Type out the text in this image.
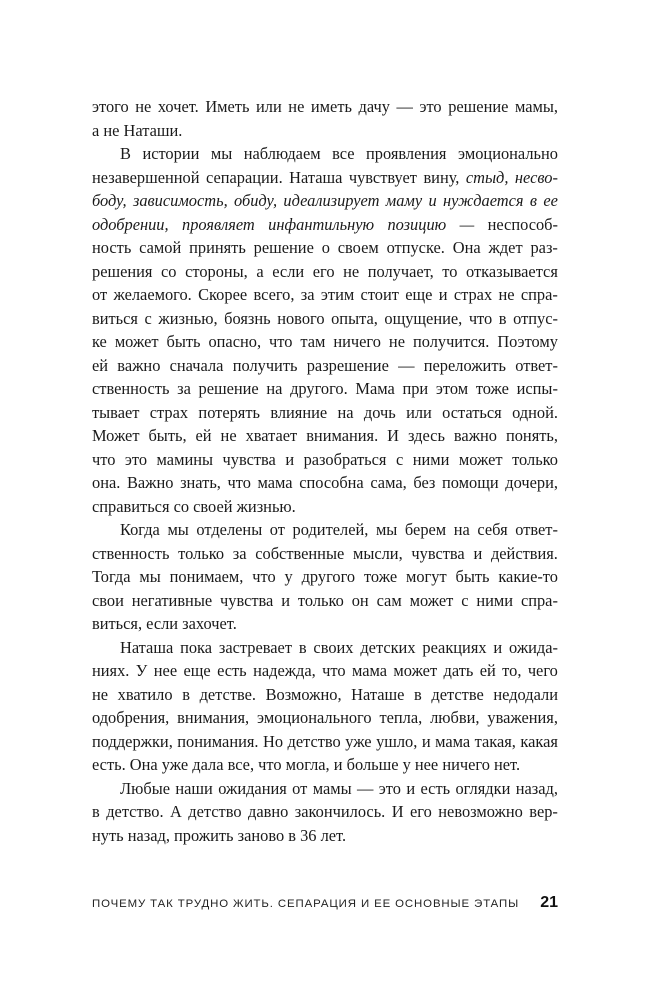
этого не хочет. Иметь или не иметь дачу — это решение мамы,
а не Наташи.
В истории мы наблюдаем все проявления эмоционально
незавершенной сепарации. Наташа чувствует вину, стыд, несво-
боду, зависимость, обиду, идеализирует маму и нуждается в ее
одобрении, проявляет инфантильную позицию — неспособ-
ность самой принять решение о своем отпуске. Она ждет раз-
решения со стороны, а если его не получает, то отказывается
от желаемого. Скорее всего, за этим стоит еще и страх не спра-
виться с жизнью, боязнь нового опыта, ощущение, что в отпус-
ке может быть опасно, что там ничего не получится. Поэтому
ей важно сначала получить разрешение — переложить ответ-
ственность за решение на другого. Мама при этом тоже испы-
тывает страх потерять влияние на дочь или остаться одной.
Может быть, ей не хватает внимания. И здесь важно понять,
что это мамины чувства и разобраться с ними может только
она. Важно знать, что мама способна сама, без помощи дочери,
справиться со своей жизнью.
Когда мы отделены от родителей, мы берем на себя ответ-
ственность только за собственные мысли, чувства и действия.
Тогда мы понимаем, что у другого тоже могут быть какие-то
свои негативные чувства и только он сам может с ними спра-
виться, если захочет.
Наташа пока застревает в своих детских реакциях и ожида-
ниях. У нее еще есть надежда, что мама может дать ей то, чего
не хватило в детстве. Возможно, Наташе в детстве недодали
одобрения, внимания, эмоционального тепла, любви, уважения,
поддержки, понимания. Но детство уже ушло, и мама такая, какая
есть. Она уже дала все, что могла, и больше у нее ничего нет.
Любые наши ожидания от мамы — это и есть оглядки назад,
в детство. А детство давно закончилось. И его невозможно вер-
нуть назад, прожить заново в 36 лет.
ПОЧЕМУ ТАК ТРУДНО ЖИТЬ. СЕПАРАЦИЯ И ЕЕ ОСНОВНЫЕ ЭТАПЫ 21
